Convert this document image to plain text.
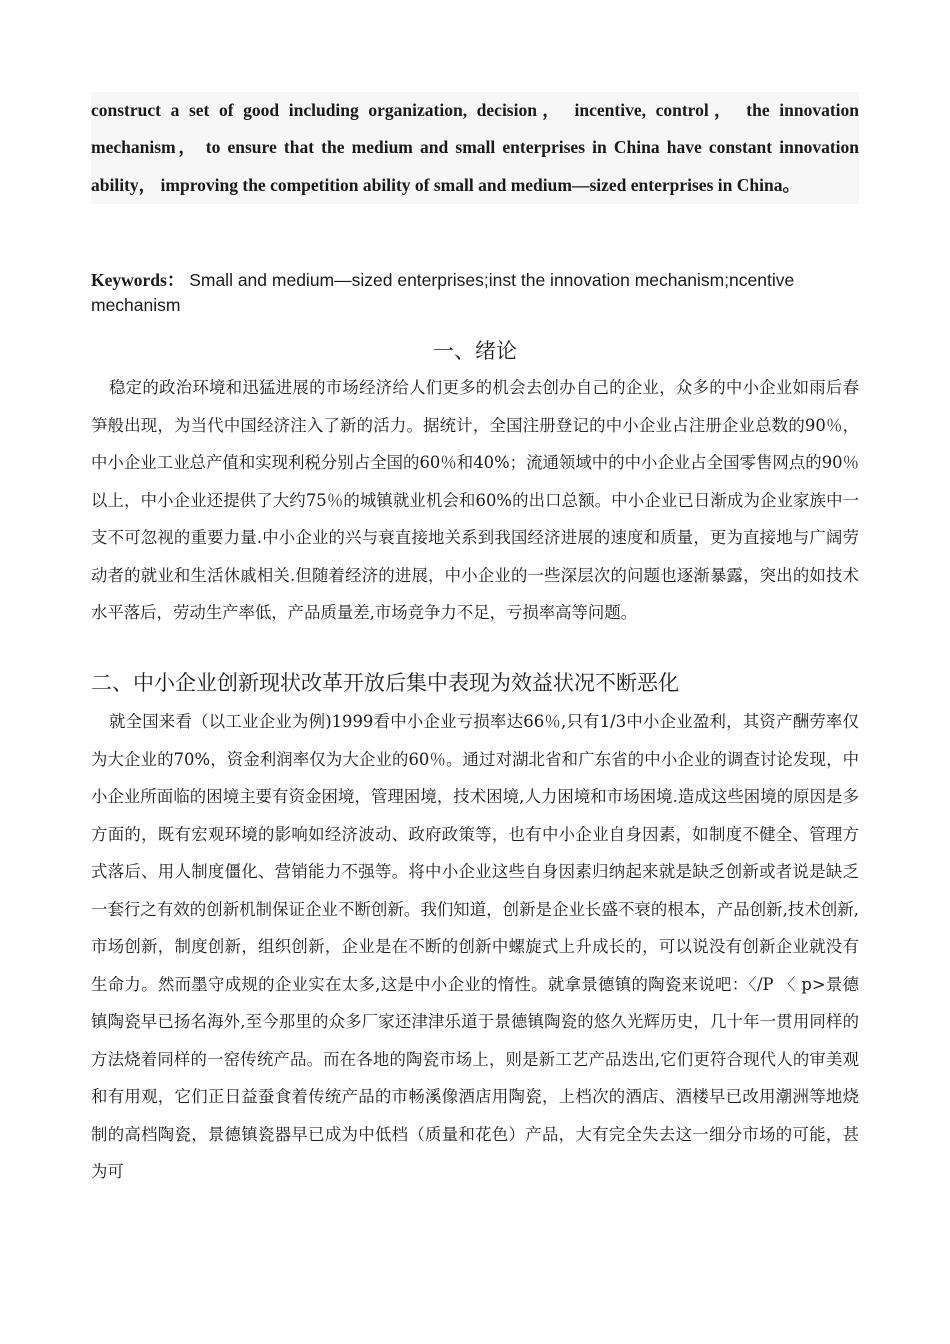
construct a set of good including organization, decision， incentive, control， the innovation mechanism， to ensure that the medium and small enterprises in China have constant innovation ability， improving the competition ability of small and medium—sized enterprises in China。
Keywords： Small and medium—sized enterprises;inst the innovation mechanism;ncentive mechanism
一、绪论
稳定的政治环境和迅猛进展的市场经济给人们更多的机会去创办自己的企业，众多的中小企业如雨后春笋般出现，为当代中国经济注入了新的活力。据统计，全国注册登记的中小企业占注册企业总数的90％，中小企业工业总产值和实现利税分别占全国的60％和40%；流通领域中的中小企业占全国零售网点的90％以上，中小企业还提供了大约75％的城镇就业机会和60%的出口总额。中小企业已日渐成为企业家族中一支不可忽视的重要力量.中小企业的兴与衰直接地关系到我国经济进展的速度和质量，更为直接地与广阔劳动者的就业和生活休戚相关.但随着经济的进展，中小企业的一些深层次的问题也逐渐暴露，突出的如技术水平落后，劳动生产率低，产品质量差,市场竞争力不足，亏损率高等问题。
二、中小企业创新现状改革开放后集中表现为效益状况不断恶化
就全国来看（以工业企业为例)1999看中小企业亏损率达66％,只有1/3中小企业盈利，其资产酬劳率仅为大企业的70%，资金利润率仅为大企业的60％。通过对湖北省和广东省的中小企业的调查讨论发现，中小企业所面临的困境主要有资金困境，管理困境，技术困境,人力困境和市场困境.造成这些困境的原因是多方面的，既有宏观环境的影响如经济波动、政府政策等，也有中小企业自身因素，如制度不健全、管理方式落后、用人制度僵化、营销能力不强等。将中小企业这些自身因素归纳起来就是缺乏创新或者说是缺乏一套行之有效的创新机制保证企业不断创新。我们知道，创新是企业长盛不衰的根本，产品创新,技术创新,市场创新，制度创新，组织创新，企业是在不断的创新中螺旋式上升成长的，可以说没有创新企业就没有生命力。然而墨守成规的企业实在太多,这是中小企业的惰性。就拿景德镇的陶瓷来说吧：〈/P 〈 p>景德镇陶瓷早已扬名海外,至今那里的众多厂家还津津乐道于景德镇陶瓷的悠久光辉历史，几十年一贯用同样的方法烧着同样的一窑传统产品。而在各地的陶瓷市场上，则是新工艺产品迭出,它们更符合现代人的审美观和有用观，它们正日益蚕食着传统产品的市畅溪像酒店用陶瓷，上档次的酒店、酒楼早已改用潮洲等地烧制的高档陶瓷，景德镇瓷器早已成为中低档（质量和花色）产品，大有完全失去这一细分市场的可能，甚为可
